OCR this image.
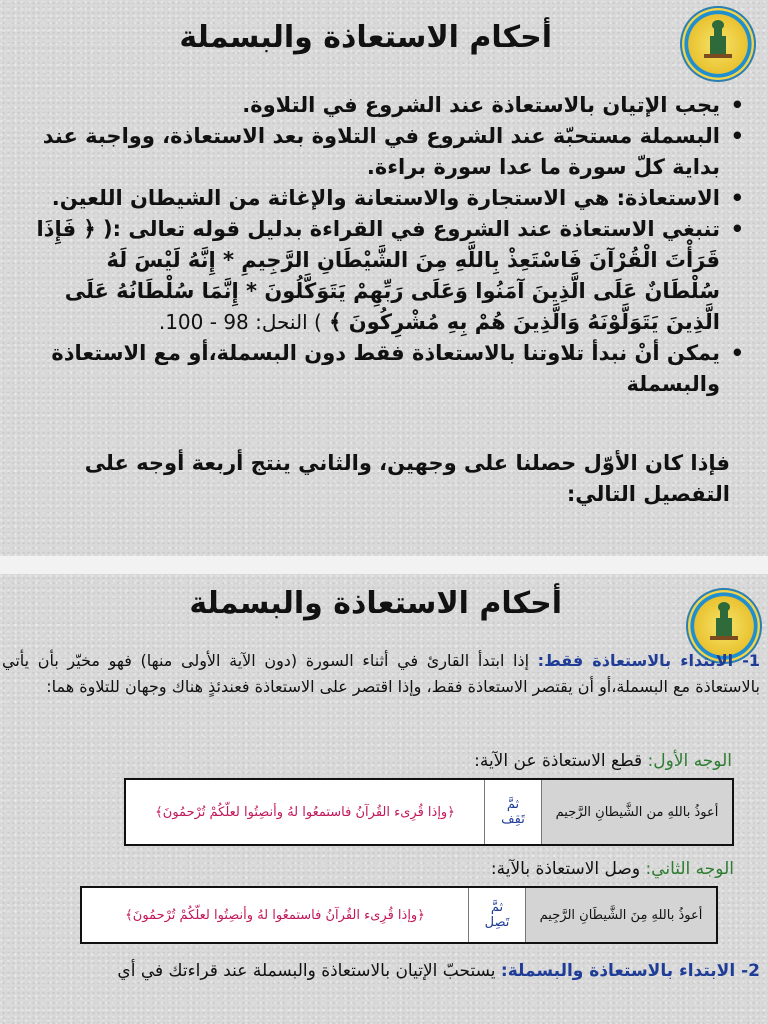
أحكام الاستعاذة والبسملة
• يجب الإتيان بالاستعاذة عند الشروع في التلاوة.
• البسملة مستحبّة عند الشروع في التلاوة بعد الاستعاذة، وواجبة عند بداية كلّ سورة ما عدا سورة براءة.
• الاستعاذة: هي الاستجارة والاستعانة والإغاثة من الشيطان اللعين.
• تنبغي الاستعاذة عند الشروع في القراءة بدليل قوله تعالى :( ﴿ فَإِذَا قَرَأْتَ الْقُرْآنَ فَاسْتَعِذْ بِاللَّهِ مِنَ الشَّيْطَانِ الرَّجِيمِ * إِنَّهُ لَيْسَ لَهُ سُلْطَانٌ عَلَى الَّذِينَ آمَنُوا وَعَلَى رَبِّهِمْ يَتَوَكَّلُونَ * إِنَّمَا سُلْطَانُهُ عَلَى الَّذِينَ يَتَوَلَّوْنَهُ وَالَّذِينَ هُمْ بِهِ مُشْرِكُونَ ﴾ ) النحل: 98 - 100.
• يمكن أنْ نبدأ تلاوتنا بالاستعاذة فقط دون البسملة،أو مع الاستعاذة والبسملة
فإذا كان الأوّل حصلنا على وجهين، والثاني ينتج أربعة أوجه على التفصيل التالي:
أحكام الاستعاذة والبسملة
1- الابتداء بالاستعاذة فقط: إذا ابتدأ القارئ في أثناء السورة (دون الآية الأولى منها) فهو مخيّر بأن يأتي بالاستعاذة مع البسملة،أو أن يقتصر الاستعاذة فقط، وإذا اقتصر على الاستعاذة فعندئذٍ هناك وجهان للتلاوة هما:
الوجه الأول: قطع الاستعاذة عن الآية:
أعوذُ باللهِ من الشَّيطانِ الرَّجيم
ثمَّ
تَقِف
﴿وإذا قُرِىء القُرآنُ فاستمعُوا لهُ وأنصِتُوا لعلّكُمْ تُرْحمُونَ﴾
الوجه الثاني: وصل الاستعاذة بالآية:
أعوذُ باللهِ مِنَ الشَّيطَانِ الرَّجِيم
ثمَّ
تَصِل
﴿وإذا قُرِىء القُرآنُ فاستمعُوا لهُ وأنصِتُوا لعلّكُمْ تُرْحمُونَ﴾
2- الابتداء بالاستعاذة والبسملة: يستحبّ الإتيان بالاستعاذة والبسملة عند قراءتك في أي
